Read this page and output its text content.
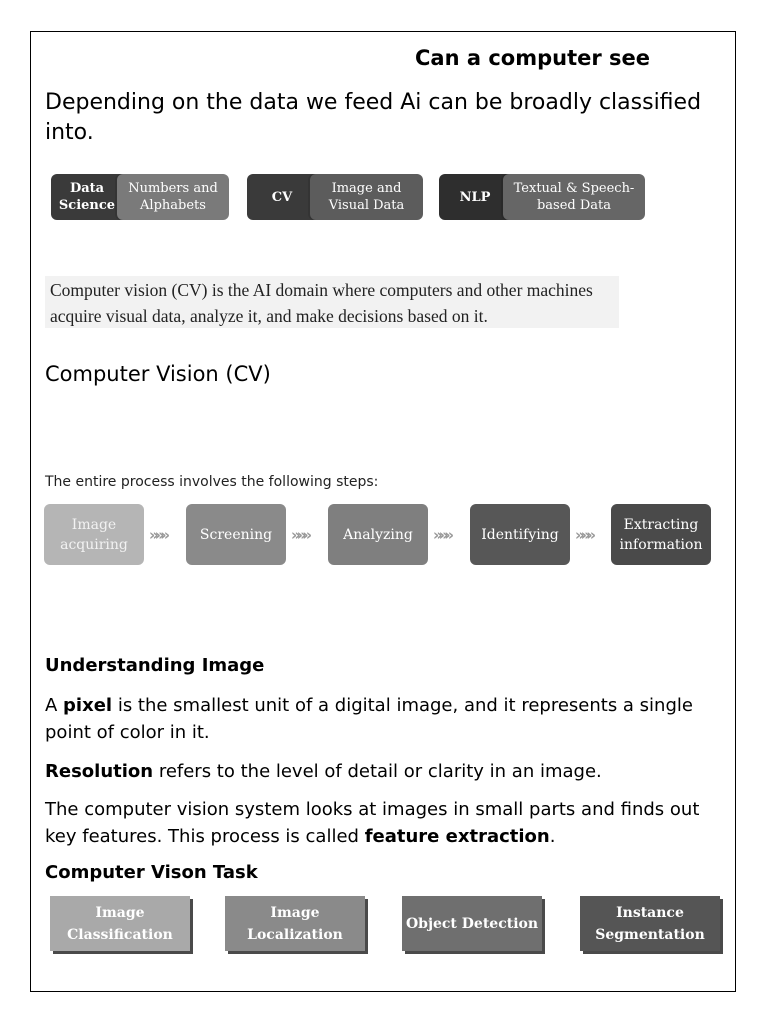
Can a computer see
Depending on the data we feed Ai can be broadly classified into.
Data Science
Numbers and Alphabets
CV
Image and Visual Data
NLP
Textual & Speech-based Data
Computer vision (CV) is the AI domain where computers and other machines acquire visual data, analyze it, and make decisions based on it.
Computer Vision (CV)
The entire process involves the following steps:
Image acquiring
»»»	Screening	»»»	Analyzing	»»»	Identifying	»»»
Extracting information
Understanding Image
A pixel is the smallest unit of a digital image, and it represents a single point of color in it.
Resolution refers to the level of detail or clarity in an image.
The computer vision system looks at images in small parts and finds out key features. This process is called feature extraction.
Computer Vison Task
Image Classification
Image Localization
Object Detection
Instance Segmentation
